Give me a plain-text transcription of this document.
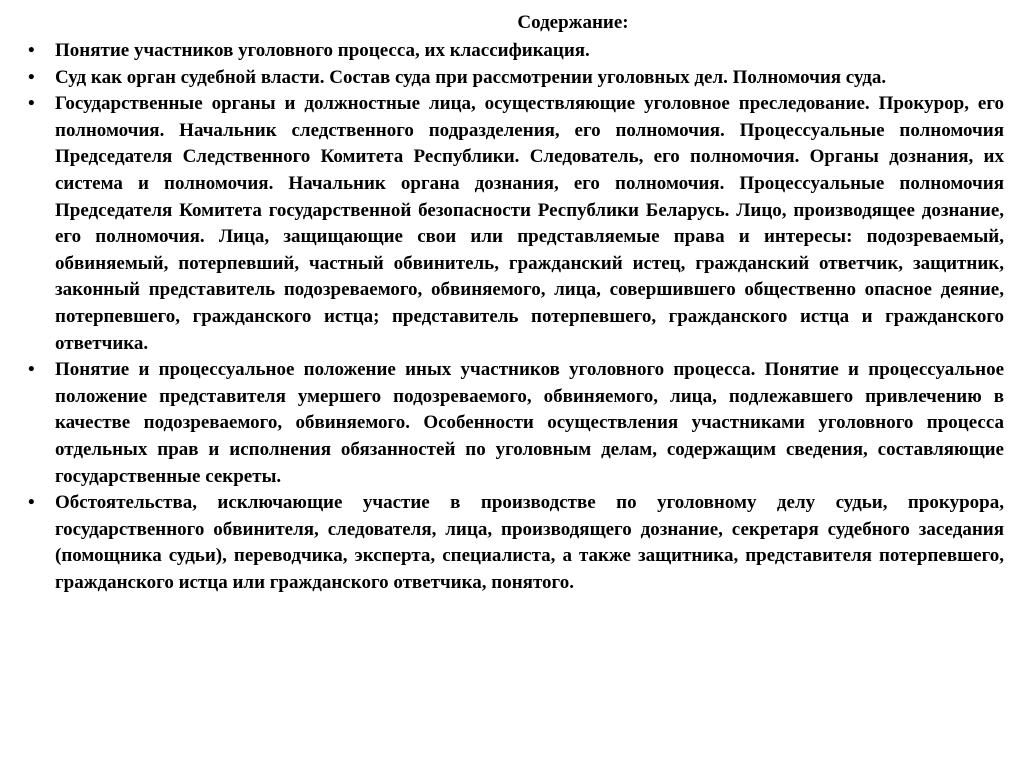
Содержание:
• Понятие участников уголовного процесса, их классификация.
• Суд как орган судебной власти. Состав суда при рассмотрении уголовных дел. Полномочия суда.
• Государственные органы и должностные лица, осуществляющие уголовное преследование. Прокурор, его полномочия. Начальник следственного подразделения, его полномочия. Процессуальные полномочия Председателя Следственного Комитета Республики. Следователь, его полномочия. Органы дознания, их система и полномочия. Начальник органа дознания, его полномочия. Процессуальные полномочия Председателя Комитета государственной безопасности Республики Беларусь. Лицо, производящее дознание, его полномочия. Лица, защищающие свои или представляемые права и интересы: подозреваемый, обвиняемый, потерпевший, частный обвинитель, гражданский истец, гражданский ответчик, защитник, законный представитель подозреваемого, обвиняемого, лица, совершившего общественно опасное деяние, потерпевшего, гражданского истца; представитель потерпевшего, гражданского истца и гражданского ответчика.
• Понятие и процессуальное положение иных участников уголовного процесса. Понятие и процессуальное положение представителя умершего подозреваемого, обвиняемого, лица, подлежавшего привлечению в качестве подозреваемого, обвиняемого. Особенности осуществления участниками уголовного процесса отдельных прав и исполнения обязанностей по уголовным делам, содержащим сведения, составляющие государственные секреты.
• Обстоятельства, исключающие участие в производстве по уголовному делу судьи, прокурора, государственного обвинителя, следователя, лица, производящего дознание, секретаря судебного заседания (помощника судьи), переводчика, эксперта, специалиста, а также защитника, представителя потерпевшего, гражданского истца или гражданского ответчика, понятого.
